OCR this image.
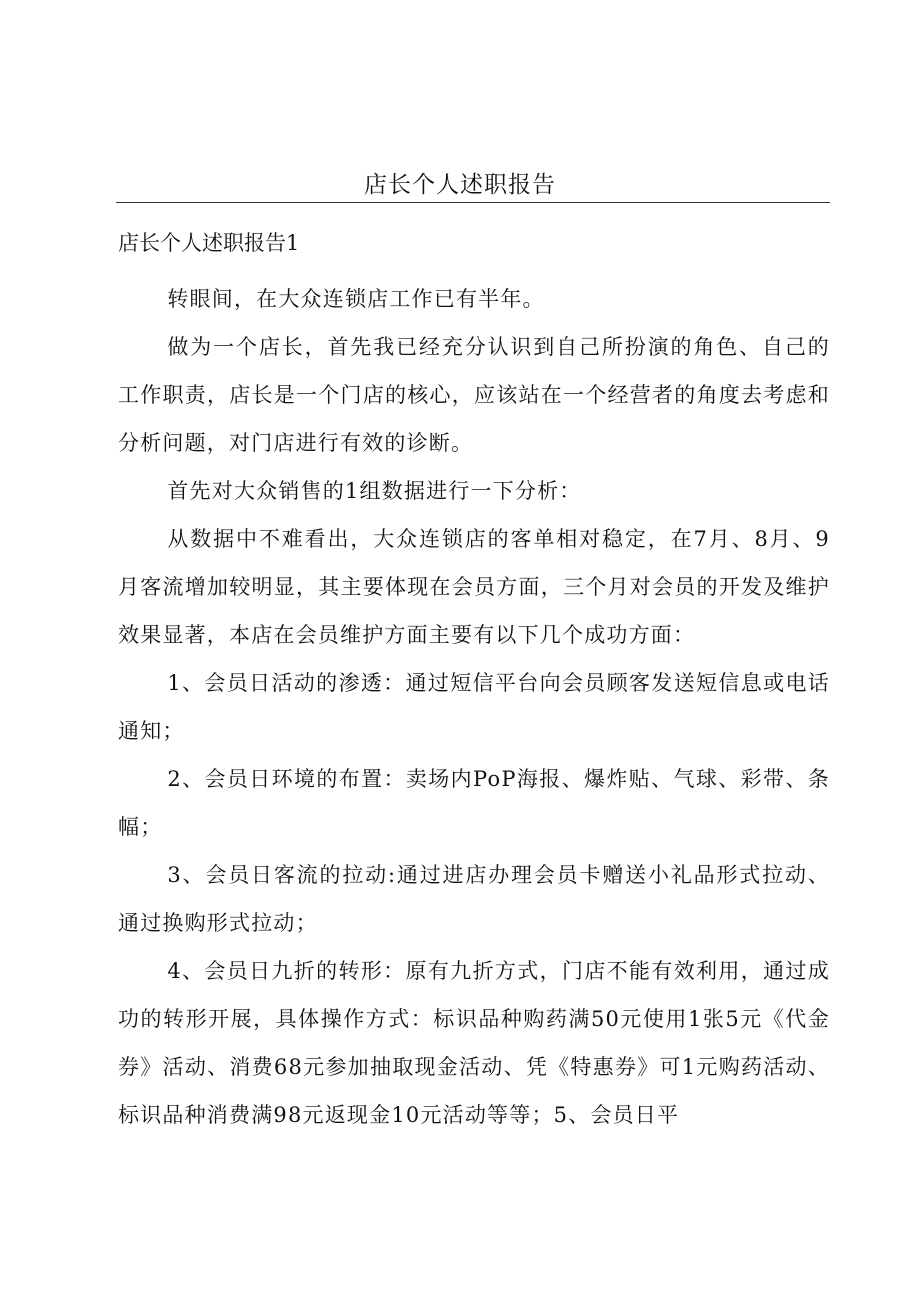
店长个人述职报告

店长个人述职报告1

转眼间，在大众连锁店工作已有半年。

做为一个店长，首先我已经充分认识到自己所扮演的角色、自己的工作职责，店长是一个门店的核心，应该站在一个经营者的角度去考虑和分析问题，对门店进行有效的诊断。

首先对大众销售的1组数据进行一下分析：

从数据中不难看出，大众连锁店的客单相对稳定，在7月、8月、9月客流增加较明显，其主要体现在会员方面，三个月对会员的开发及维护效果显著，本店在会员维护方面主要有以下几个成功方面：

1、会员日活动的渗透：通过短信平台向会员顾客发送短信息或电话通知；

2、会员日环境的布置：卖场内PoP海报、爆炸贴、气球、彩带、条幅；

3、会员日客流的拉动:通过进店办理会员卡赠送小礼品形式拉动、通过换购形式拉动；

4、会员日九折的转形：原有九折方式，门店不能有效利用，通过成功的转形开展，具体操作方式：标识品种购药满50元使用1张5元《代金券》活动、消费68元参加抽取现金活动、凭《特惠券》可1元购药活动、标识品种消费满98元返现金10元活动等等；5、会员日平
